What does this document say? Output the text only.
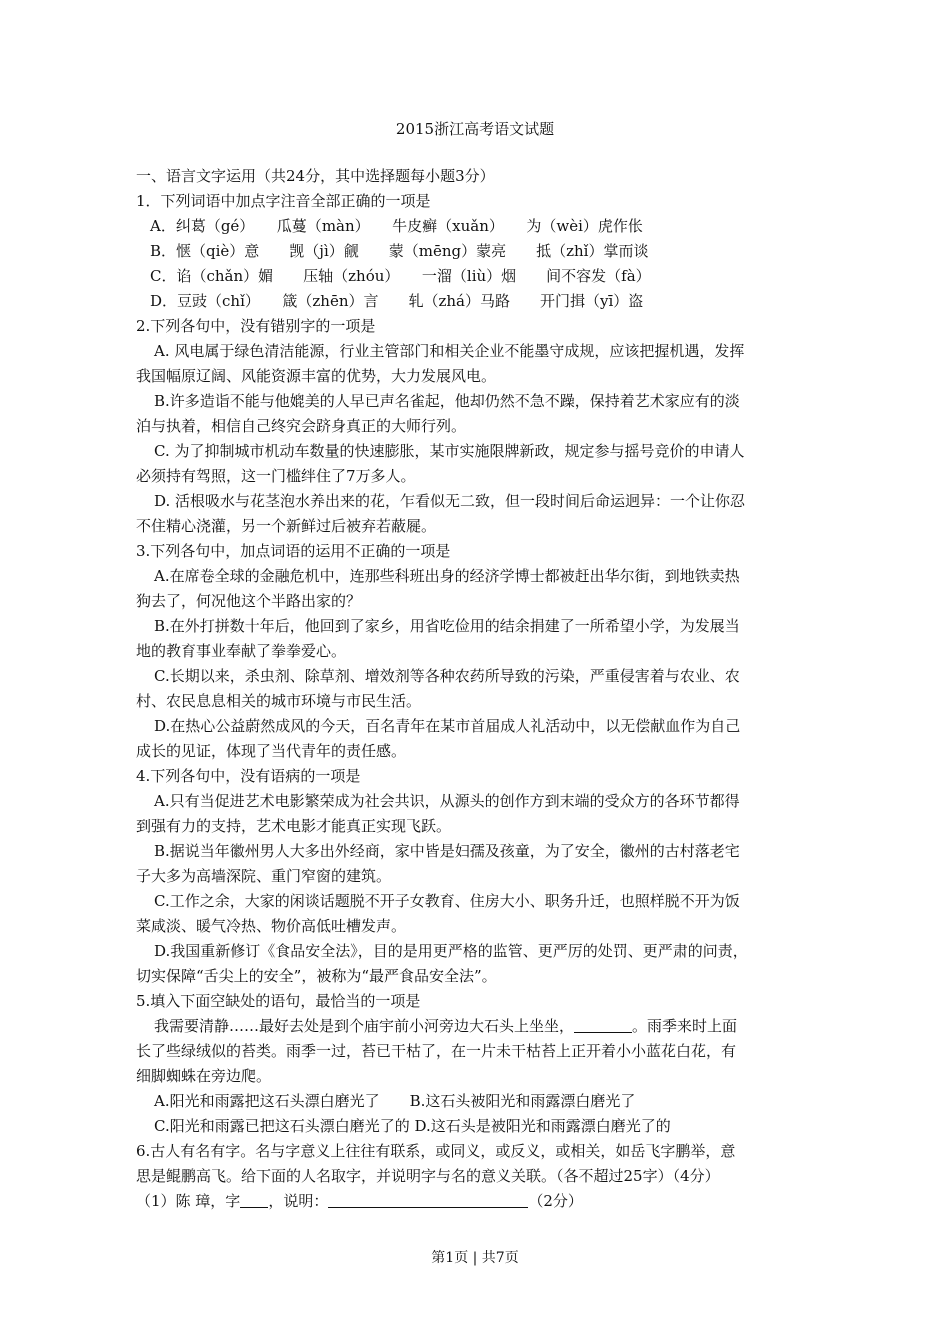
2015浙江高考语文试题
一、语言文字运用（共24分，其中选择题每小题3分）
1．下列词语中加点字注音全部正确的一项是
A．纠葛（gé）　　瓜蔓（màn）　　牛皮癣（xuǎn）　　为（wèi）虎作伥
B．惬（qiè）意　　觊（jì）觎　　蒙（mēng）蒙亮　　抵（zhǐ）掌而谈
C．谄（chǎn）媚　　压轴（zhóu）　　一溜（liù）烟　　间不容发（fà）
D．豆豉（chǐ）　　箴（zhēn）言　　轧（zhá）马路　　开门揖（yī）盗
2.下列各句中，没有错别字的一项是
A. 风电属于绿色清洁能源，行业主管部门和相关企业不能墨守成规，应该把握机遇，发挥
我国幅原辽阔、风能资源丰富的优势，大力发展风电。
B.许多造诣不能与他媲美的人早已声名雀起，他却仍然不急不躁，保持着艺术家应有的淡
泊与执着，相信自己终究会跻身真正的大师行列。
C. 为了抑制城市机动车数量的快速膨胀，某市实施限牌新政，规定参与摇号竞价的申请人
必须持有驾照，这一门槛绊住了7万多人。
D. 活根吸水与花茎泡水养出来的花，乍看似无二致，但一段时间后命运迥异：一个让你忍
不住精心浇灌，另一个新鲜过后被弃若蔽屣。
3.下列各句中，加点词语的运用不正确的一项是
A.在席卷全球的金融危机中，连那些科班出身的经济学博士都被赶出华尔街，到地铁卖热
狗去了，何况他这个半路出家的？
B.在外打拼数十年后，他回到了家乡，用省吃俭用的结余捐建了一所希望小学，为发展当
地的教育事业奉献了拳拳爱心。
C.长期以来，杀虫剂、除草剂、增效剂等各种农药所导致的污染，严重侵害着与农业、农
村、农民息息相关的城市环境与市民生活。
D.在热心公益蔚然成风的今天，百名青年在某市首届成人礼活动中，以无偿献血作为自己
成长的见证，体现了当代青年的责任感。
4.下列各句中，没有语病的一项是
A.只有当促进艺术电影繁荣成为社会共识，从源头的创作方到末端的受众方的各环节都得
到强有力的支持，艺术电影才能真正实现飞跃。
B.据说当年徽州男人大多出外经商，家中皆是妇孺及孩童，为了安全，徽州的古村落老宅
子大多为高墙深院、重门窄窗的建筑。
C.工作之余，大家的闲谈话题脱不开子女教育、住房大小、职务升迁，也照样脱不开为饭
菜咸淡、暖气冷热、物价高低吐槽发声。
D.我国重新修订《食品安全法》，目的是用更严格的监管、更严厉的处罚、更严肃的问责，
切实保障“舌尖上的安全”，被称为“最严食品安全法”。
5.填入下面空缺处的语句，最恰当的一项是
我需要清静……最好去处是到个庙宇前小河旁边大石头上坐坐，	。雨季来时上面
长了些绿绒似的苔类。雨季一过，苔已干枯了，在一片未干枯苔上正开着小小蓝花白花，有
细脚蜘蛛在旁边爬。
A.阳光和雨露把这石头漂白磨光了　　B.这石头被阳光和雨露漂白磨光了
C.阳光和雨露已把这石头漂白磨光了的 D.这石头是被阳光和雨露漂白磨光了的
6.古人有名有字。名与字意义上往往有联系，或同义，或反义，或相关，如岳飞字鹏举，意
思是鲲鹏高飞。给下面的人名取字，并说明字与名的意义关联。（各不超过25字）（4分）
（1）陈 璋，字 ，说明：	（2分）
第1页 | 共7页
